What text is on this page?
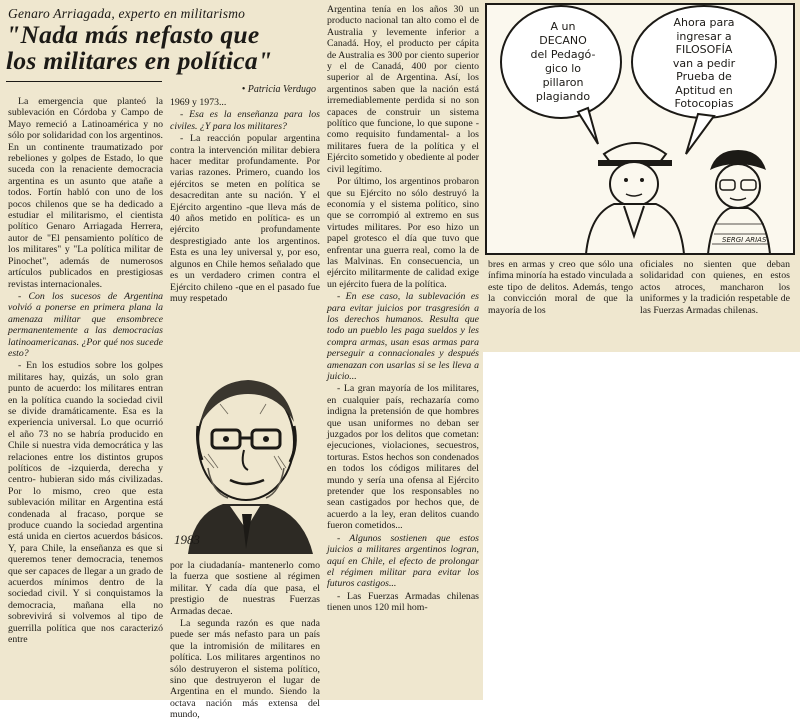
Genaro Arriagada, experto en militarismo
"Nada más nefasto que
los militares en política"
• Patricia Verdugo

La emergencia que planteó la sublevación en Córdoba y Campo de Mayo remeció a Latinoamérica y no sólo por solidaridad con los argentinos. En un continente traumatizado por rebeliones y golpes de Estado, lo que suceda con la renaciente democracia argentina es un asunto que atañe a todos. Fortín habló con uno de los pocos chilenos que se ha dedicado a estudiar el militarismo, el cientista político Genaro Arriagada Herrera, autor de "El pensamiento político de los militares" y "La política militar de Pinochet", además de numerosos artículos publicados en prestigiosas revistas internacionales.

- Con los sucesos de Argentina volvió a ponerse en primera plana la amenaza militar que ensombrece permanentemente a las democracias latinoamericanas. ¿Por qué nos sucede esto?

- En los estudios sobre los golpes militares hay, quizás, un solo gran punto de acuerdo: los militares entran en la política cuando la sociedad civil se divide dramáticamente. Esa es la experiencia universal. Lo que ocurrió el año 73 no se habría producido en Chile si nuestra vida democrática y las relaciones entre los distintos grupos políticos de -izquierda, derecha y centro- hubieran sido más civilizadas. Por lo mismo, creo que esta sublevación militar en Argentina está condenada al fracaso, porque se produce cuando la sociedad argentina está unida en ciertos acuerdos básicos. Y, para Chile, la enseñanza es que si queremos tener democracia, tenemos que ser capaces de llegar a un grado de acuerdos mínimos dentro de la sociedad civil. Y si conquistamos la democracia, mañana ella no sobrevivirá si volvemos al tipo de guerrilla política que nos caracterizó entre

1969 y 1973...

- Esa es la enseñanza para los civiles. ¿Y para los militares?

- La reacción popular argentina contra la intervención militar debiera hacer meditar profundamente. Por varias razones. Primero, cuando los ejércitos se meten en política se desacreditan ante su nación. Y el Ejército argentino -que lleva más de 40 años metido en política- es un ejército profundamente desprestigiado ante los argentinos. Esta es una ley universal y, por eso, algunos en Chile hemos señalado que es un verdadero crimen contra el Ejército chileno -que en el pasado fue muy respetado

1983

por la ciudadanía- mantenerlo como la fuerza que sostiene al régimen militar. Y cada día que pasa, el prestigio de nuestras Fuerzas Armadas decae.

La segunda razón es que nada puede ser más nefasto para un país que la intromisión de militares en política. Los militares argentinos no sólo destruyeron el sistema político, sino que destruyeron el lugar de Argentina en el mundo. Siendo la octava nación más extensa del mundo,

Argentina tenía en los años 30 un producto nacional tan alto como el de Australia y levemente inferior a Canadá. Hoy, el producto per cápita de Australia es 300 por ciento superior y el de Canadá, 400 por ciento superior al de Argentina. Así, los argentinos saben que la nación está irremediablemente perdida si no son capaces de construir un sistema político que funcione, lo que supone -como requisito fundamental- a los militares fuera de la política y el Ejército sometido y obediente al poder civil legítimo.

Por último, los argentinos probaron que su Ejército no sólo destruyó la economía y el sistema político, sino que se corrompió al extremo en sus virtudes militares. Por eso hizo un papel grotesco el día que tuvo que enfrentar una guerra real, como la de las Malvinas. En consecuencia, un ejército militarmente de calidad exige un ejército fuera de la política.

- En ese caso, la sublevación es para evitar juicios por trasgresión a los derechos humanos. Resulta que todo un pueblo les paga sueldos y les compra armas, usan esas armas para perseguir a connacionales y después amenazan con usarlas si se les lleva a juicio...

- La gran mayoría de los militares, en cualquier país, rechazaría como indigna la pretensión de que hombres que usan uniformes no deban ser juzgados por los delitos que cometan: ejecuciones, violaciones, secuestros, torturas. Estos hechos son condenados en todos los códigos militares del mundo y sería una ofensa al Ejército pretender que los responsables no sean castigados por hechos que, de acuerdo a la ley, eran delitos cuando fueron cometidos...

- Algunos sostienen que estos juicios a militares argentinos logran, aquí en Chile, el efecto de prolongar el régimen militar para evitar los futuros castigos...

- Las Fuerzas Armadas chilenas tienen unos 120 mil hom-

A un
DECANO
del Pedagó-
gico lo
pillaron
plagiando
Ahora para
ingresar a
FILOSOFÍA
van a pedir
Prueba de
Aptitud en
Fotocopias
SERGI ARIAS

bres en armas y creo que sólo una ínfima minoría ha estado vinculada a este tipo de delitos. Además, tengo la convicción moral de que la mayoría de los

oficiales no sienten que deban solidaridad con quienes, en estos actos atroces, mancharon los uniformes y la tradición respetable de las Fuerzas Armadas chilenas.
